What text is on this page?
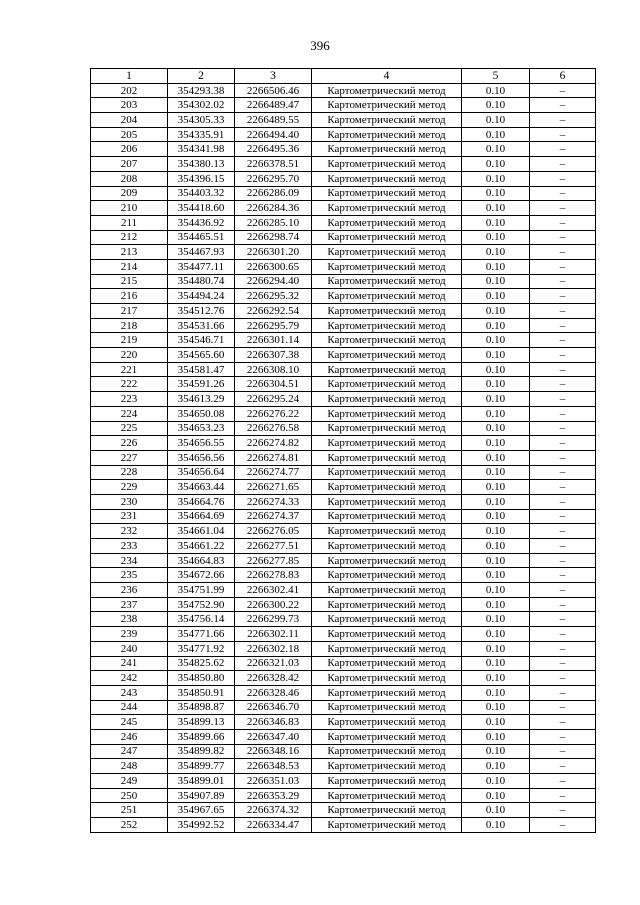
396
1	2	3	4	5	6
202	354293.38	2266506.46	Картометрический метод	0.10	–
203	354302.02	2266489.47	Картометрический метод	0.10	–
204	354305.33	2266489.55	Картометрический метод	0.10	–
205	354335.91	2266494.40	Картометрический метод	0.10	–
206	354341.98	2266495.36	Картометрический метод	0.10	–
207	354380.13	2266378.51	Картометрический метод	0.10	–
208	354396.15	2266295.70	Картометрический метод	0.10	–
209	354403.32	2266286.09	Картометрический метод	0.10	–
210	354418.60	2266284.36	Картометрический метод	0.10	–
211	354436.92	2266285.10	Картометрический метод	0.10	–
212	354465.51	2266298.74	Картометрический метод	0.10	–
213	354467.93	2266301.20	Картометрический метод	0.10	–
214	354477.11	2266300.65	Картометрический метод	0.10	–
215	354480.74	2266294.40	Картометрический метод	0.10	–
216	354494.24	2266295.32	Картометрический метод	0.10	–
217	354512.76	2266292.54	Картометрический метод	0.10	–
218	354531.66	2266295.79	Картометрический метод	0.10	–
219	354546.71	2266301.14	Картометрический метод	0.10	–
220	354565.60	2266307.38	Картометрический метод	0.10	–
221	354581.47	2266308.10	Картометрический метод	0.10	–
222	354591.26	2266304.51	Картометрический метод	0.10	–
223	354613.29	2266295.24	Картометрический метод	0.10	–
224	354650.08	2266276.22	Картометрический метод	0.10	–
225	354653.23	2266276.58	Картометрический метод	0.10	–
226	354656.55	2266274.82	Картометрический метод	0.10	–
227	354656.56	2266274.81	Картометрический метод	0.10	–
228	354656.64	2266274.77	Картометрический метод	0.10	–
229	354663.44	2266271.65	Картометрический метод	0.10	–
230	354664.76	2266274.33	Картометрический метод	0.10	–
231	354664.69	2266274.37	Картометрический метод	0.10	–
232	354661.04	2266276.05	Картометрический метод	0.10	–
233	354661.22	2266277.51	Картометрический метод	0.10	–
234	354664.83	2266277.85	Картометрический метод	0.10	–
235	354672.66	2266278.83	Картометрический метод	0.10	–
236	354751.99	2266302.41	Картометрический метод	0.10	–
237	354752.90	2266300.22	Картометрический метод	0.10	–
238	354756.14	2266299.73	Картометрический метод	0.10	–
239	354771.66	2266302.11	Картометрический метод	0.10	–
240	354771.92	2266302.18	Картометрический метод	0.10	–
241	354825.62	2266321.03	Картометрический метод	0.10	–
242	354850.80	2266328.42	Картометрический метод	0.10	–
243	354850.91	2266328.46	Картометрический метод	0.10	–
244	354898.87	2266346.70	Картометрический метод	0.10	–
245	354899.13	2266346.83	Картометрический метод	0.10	–
246	354899.66	2266347.40	Картометрический метод	0.10	–
247	354899.82	2266348.16	Картометрический метод	0.10	–
248	354899.77	2266348.53	Картометрический метод	0.10	–
249	354899.01	2266351.03	Картометрический метод	0.10	–
250	354907.89	2266353.29	Картометрический метод	0.10	–
251	354967.65	2266374.32	Картометрический метод	0.10	–
252	354992.52	2266334.47	Картометрический метод	0.10	–
